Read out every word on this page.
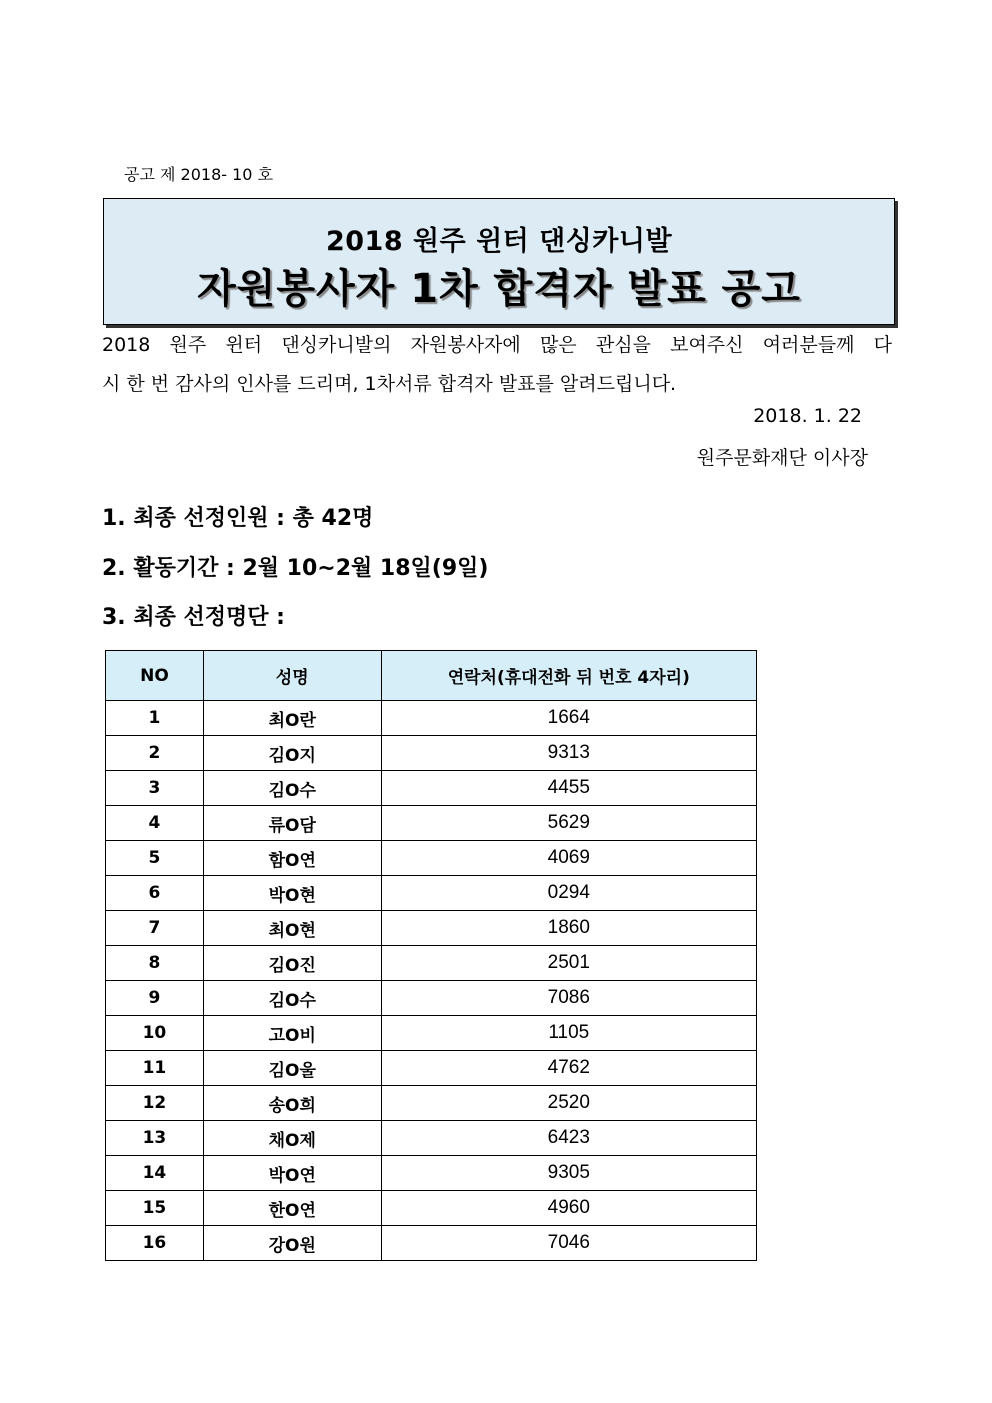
공고 제 2018- 10 호
2018 원주 윈터 댄싱카니발
자원봉사자 1차 합격자 발표 공고
2018 원주 윈터 댄싱카니발의 자원봉사자에 많은 관심을 보여주신 여러분들께 다
시 한 번 감사의 인사를 드리며, 1차서류 합격자 발표를 알려드립니다.
2018. 1. 22
원주문화재단 이사장
1. 최종 선정인원 : 총 42명
2. 활동기간 : 2월 10~2월 18일(9일)
3. 최종 선정명단 :
NO	성명	연락처(휴대전화 뒤 번호 4자리)
1	최O란	1664
2	김O지	9313
3	김O수	4455
4	류O담	5629
5	함O연	4069
6	박O현	0294
7	최O현	1860
8	김O진	2501
9	김O수	7086
10	고O비	1105
11	김O울	4762
12	송O희	2520
13	채O제	6423
14	박O연	9305
15	한O연	4960
16	강O원	7046
